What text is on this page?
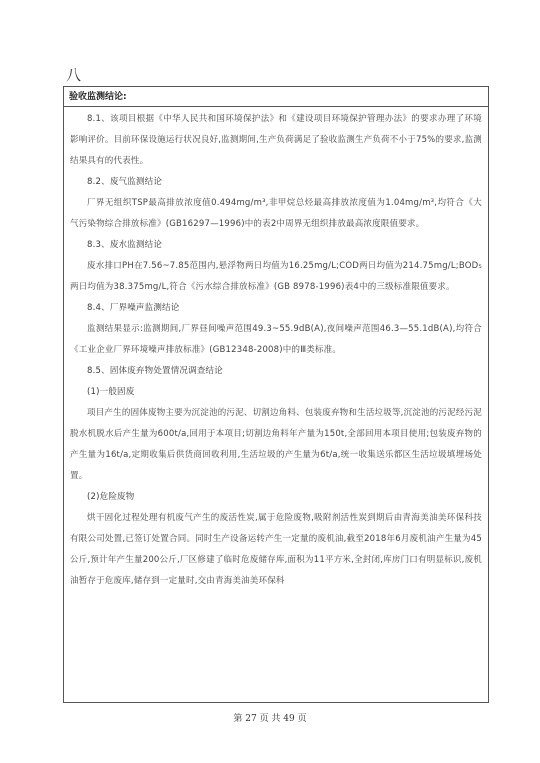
八
验收监测结论:

8.1、该项目根据《中华人民共和国环境保护法》和《建设项目环境保护管理办法》的要求办理了环境影响评价。目前环保设施运行状况良好,监测期间,生产负荷满足了验收监测生产负荷不小于75%的要求,监测结果具有的代表性。

8.2、废气监测结论

厂界无组织TSP最高排放浓度值0.494mg/m³,非甲烷总烃最高排放浓度值为1.04mg/m³,均符合《大气污染物综合排放标准》(GB16297—1996)中的表2中周界无组织排放最高浓度限值要求。

8.3、废水监测结论

废水排口PH在7.56~7.85范围内,悬浮物两日均值为16.25mg/L;COD两日均值为214.75mg/L;BOD₅两日均值为38.375mg/L,符合《污水综合排放标准》(GB 8978-1996)表4中的三级标准限值要求。

8.4、厂界噪声监测结论

监测结果显示:监测期间,厂界昼间噪声范围49.3~55.9dB(A),夜间噪声范围46.3—55.1dB(A),均符合《工业企业厂界环境噪声排放标准》(GB12348-2008)中的Ⅲ类标准。

8.5、固体废弃物处置情况调查结论

(1)一般固废

项目产生的固体废物主要为沉淀池的污泥、切割边角料、包装废弃物和生活垃圾等,沉淀池的污泥经污泥脱水机脱水后产生量为600t/a,回用于本项目;切割边角料年产量为150t,全部回用本项目使用;包装废弃物的产生量为16t/a,定期收集后供货商回收利用,生活垃圾的产生量为6t/a,统一收集送乐都区生活垃圾填埋场处置。

(2)危险废物

烘干固化过程处理有机废气产生的废活性炭,属于危险废物,吸附剂活性炭到期后由青海美油美环保科技有限公司处置,已签订处置合同。同时生产设备运转产生一定量的废机油,截至2018年6月废机油产生量为45公斤,预计年产生量200公斤,厂区修建了临时危废储存库,面积为11平方米,全封闭,库房门口有明显标识,废机油暂存于危废库,储存到一定量时,交由青海美油美环保科

第 27 页 共 49 页
